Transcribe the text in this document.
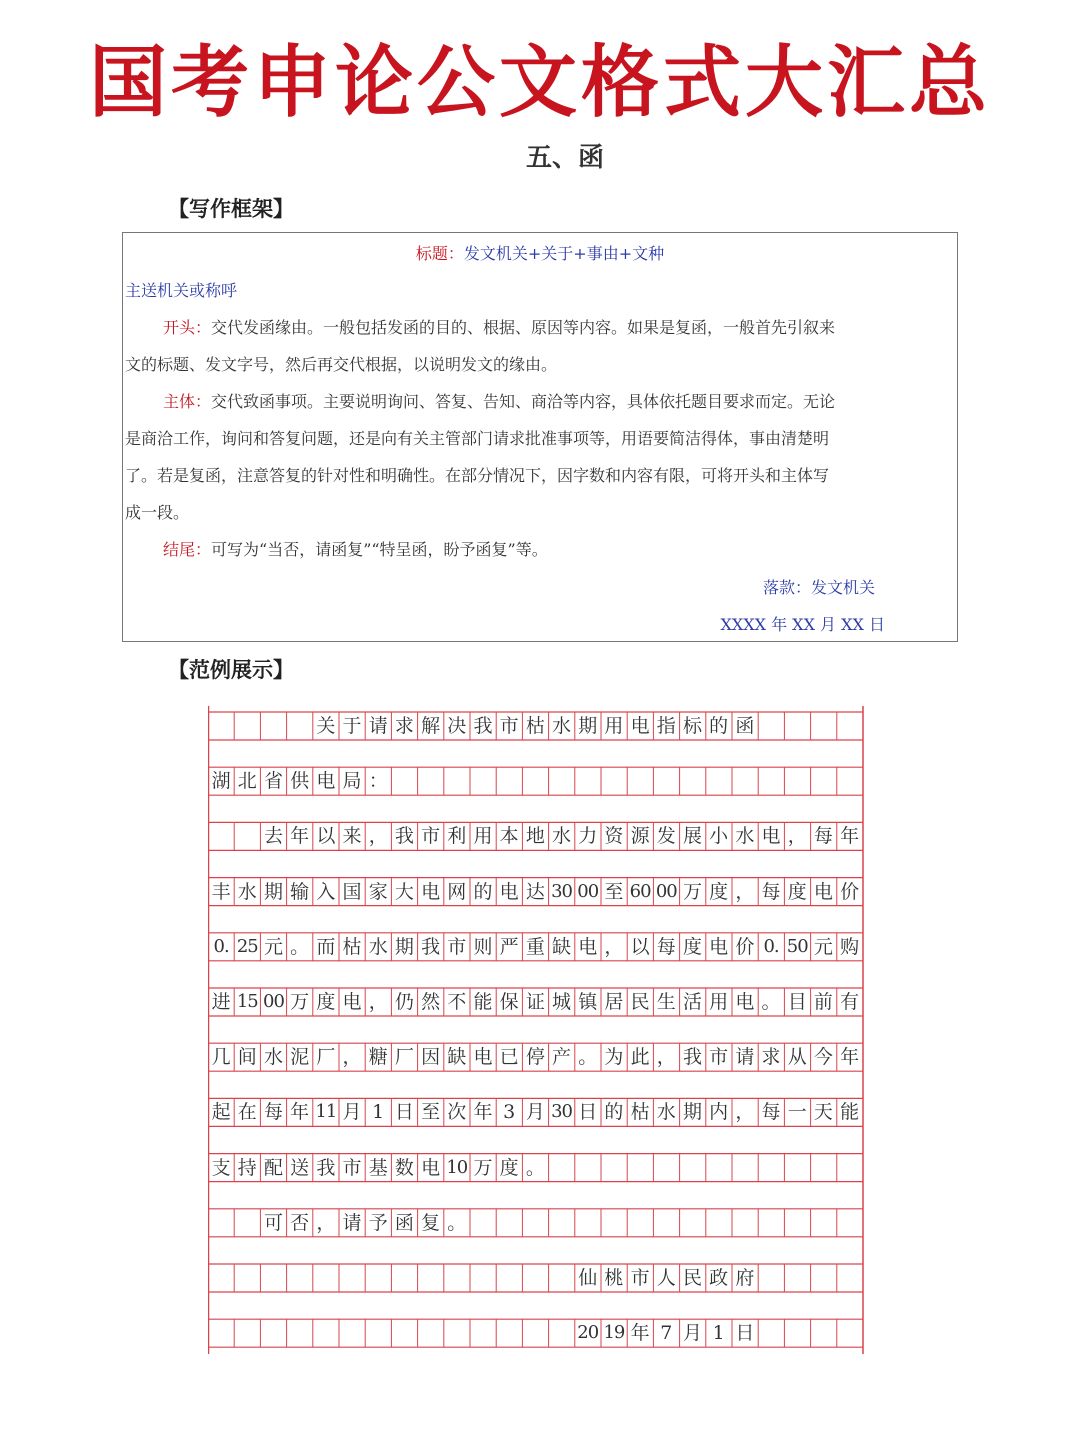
国考申论公文格式大汇总
五、函
【写作框架】
标题：发文机关+关于+事由+文种
主送机关或称呼
开头：交代发函缘由。一般包括发函的目的、根据、原因等内容。如果是复函，一般首先引叙来
文的标题、发文字号，然后再交代根据，以说明发文的缘由。
主体：交代致函事项。主要说明询问、答复、告知、商洽等内容，具体依托题目要求而定。无论
是商洽工作，询问和答复问题，还是向有关主管部门请求批准事项等，用语要简洁得体，事由清楚明
了。若是复函，注意答复的针对性和明确性。在部分情况下，因字数和内容有限，可将开头和主体写
成一段。
结尾：可写为“当否，请函复”“特呈函，盼予函复”等。
落款：发文机关
XXXX 年 XX 月 XX 日
【范例展示】
关 于 请 求 解 决 我 市 枯 水 期 用 电 指 标 的 函
湖 北 省 供 电 局 ：
去 年 以 来 ， 我 市 利 用 本 地 水 力 资 源 发 展 小 水 电 ， 每 年
丰 水 期 输 入 国 家 大 电 网 的 电 达 30 00 至 60 00 万 度 ， 每 度 电 价
0. 25 元 。 而 枯 水 期 我 市 则 严 重 缺 电 ， 以 每 度 电 价 0. 50 元 购
进 15 00 万 度 电 ， 仍 然 不 能 保 证 城 镇 居 民 生 活 用 电 。 目 前 有
几 间 水 泥 厂 ， 糖 厂 因 缺 电 已 停 产 。 为 此 ， 我 市 请 求 从 今 年
起 在 每 年 11 月 1 日 至 次 年 3 月 30 日 的 枯 水 期 内 ， 每 一 天 能
支 持 配 送 我 市 基 数 电 10 万 度 。
可 否 ， 请 予 函 复 。
仙 桃 市 人 民 政 府
20 19 年 7 月 1 日
